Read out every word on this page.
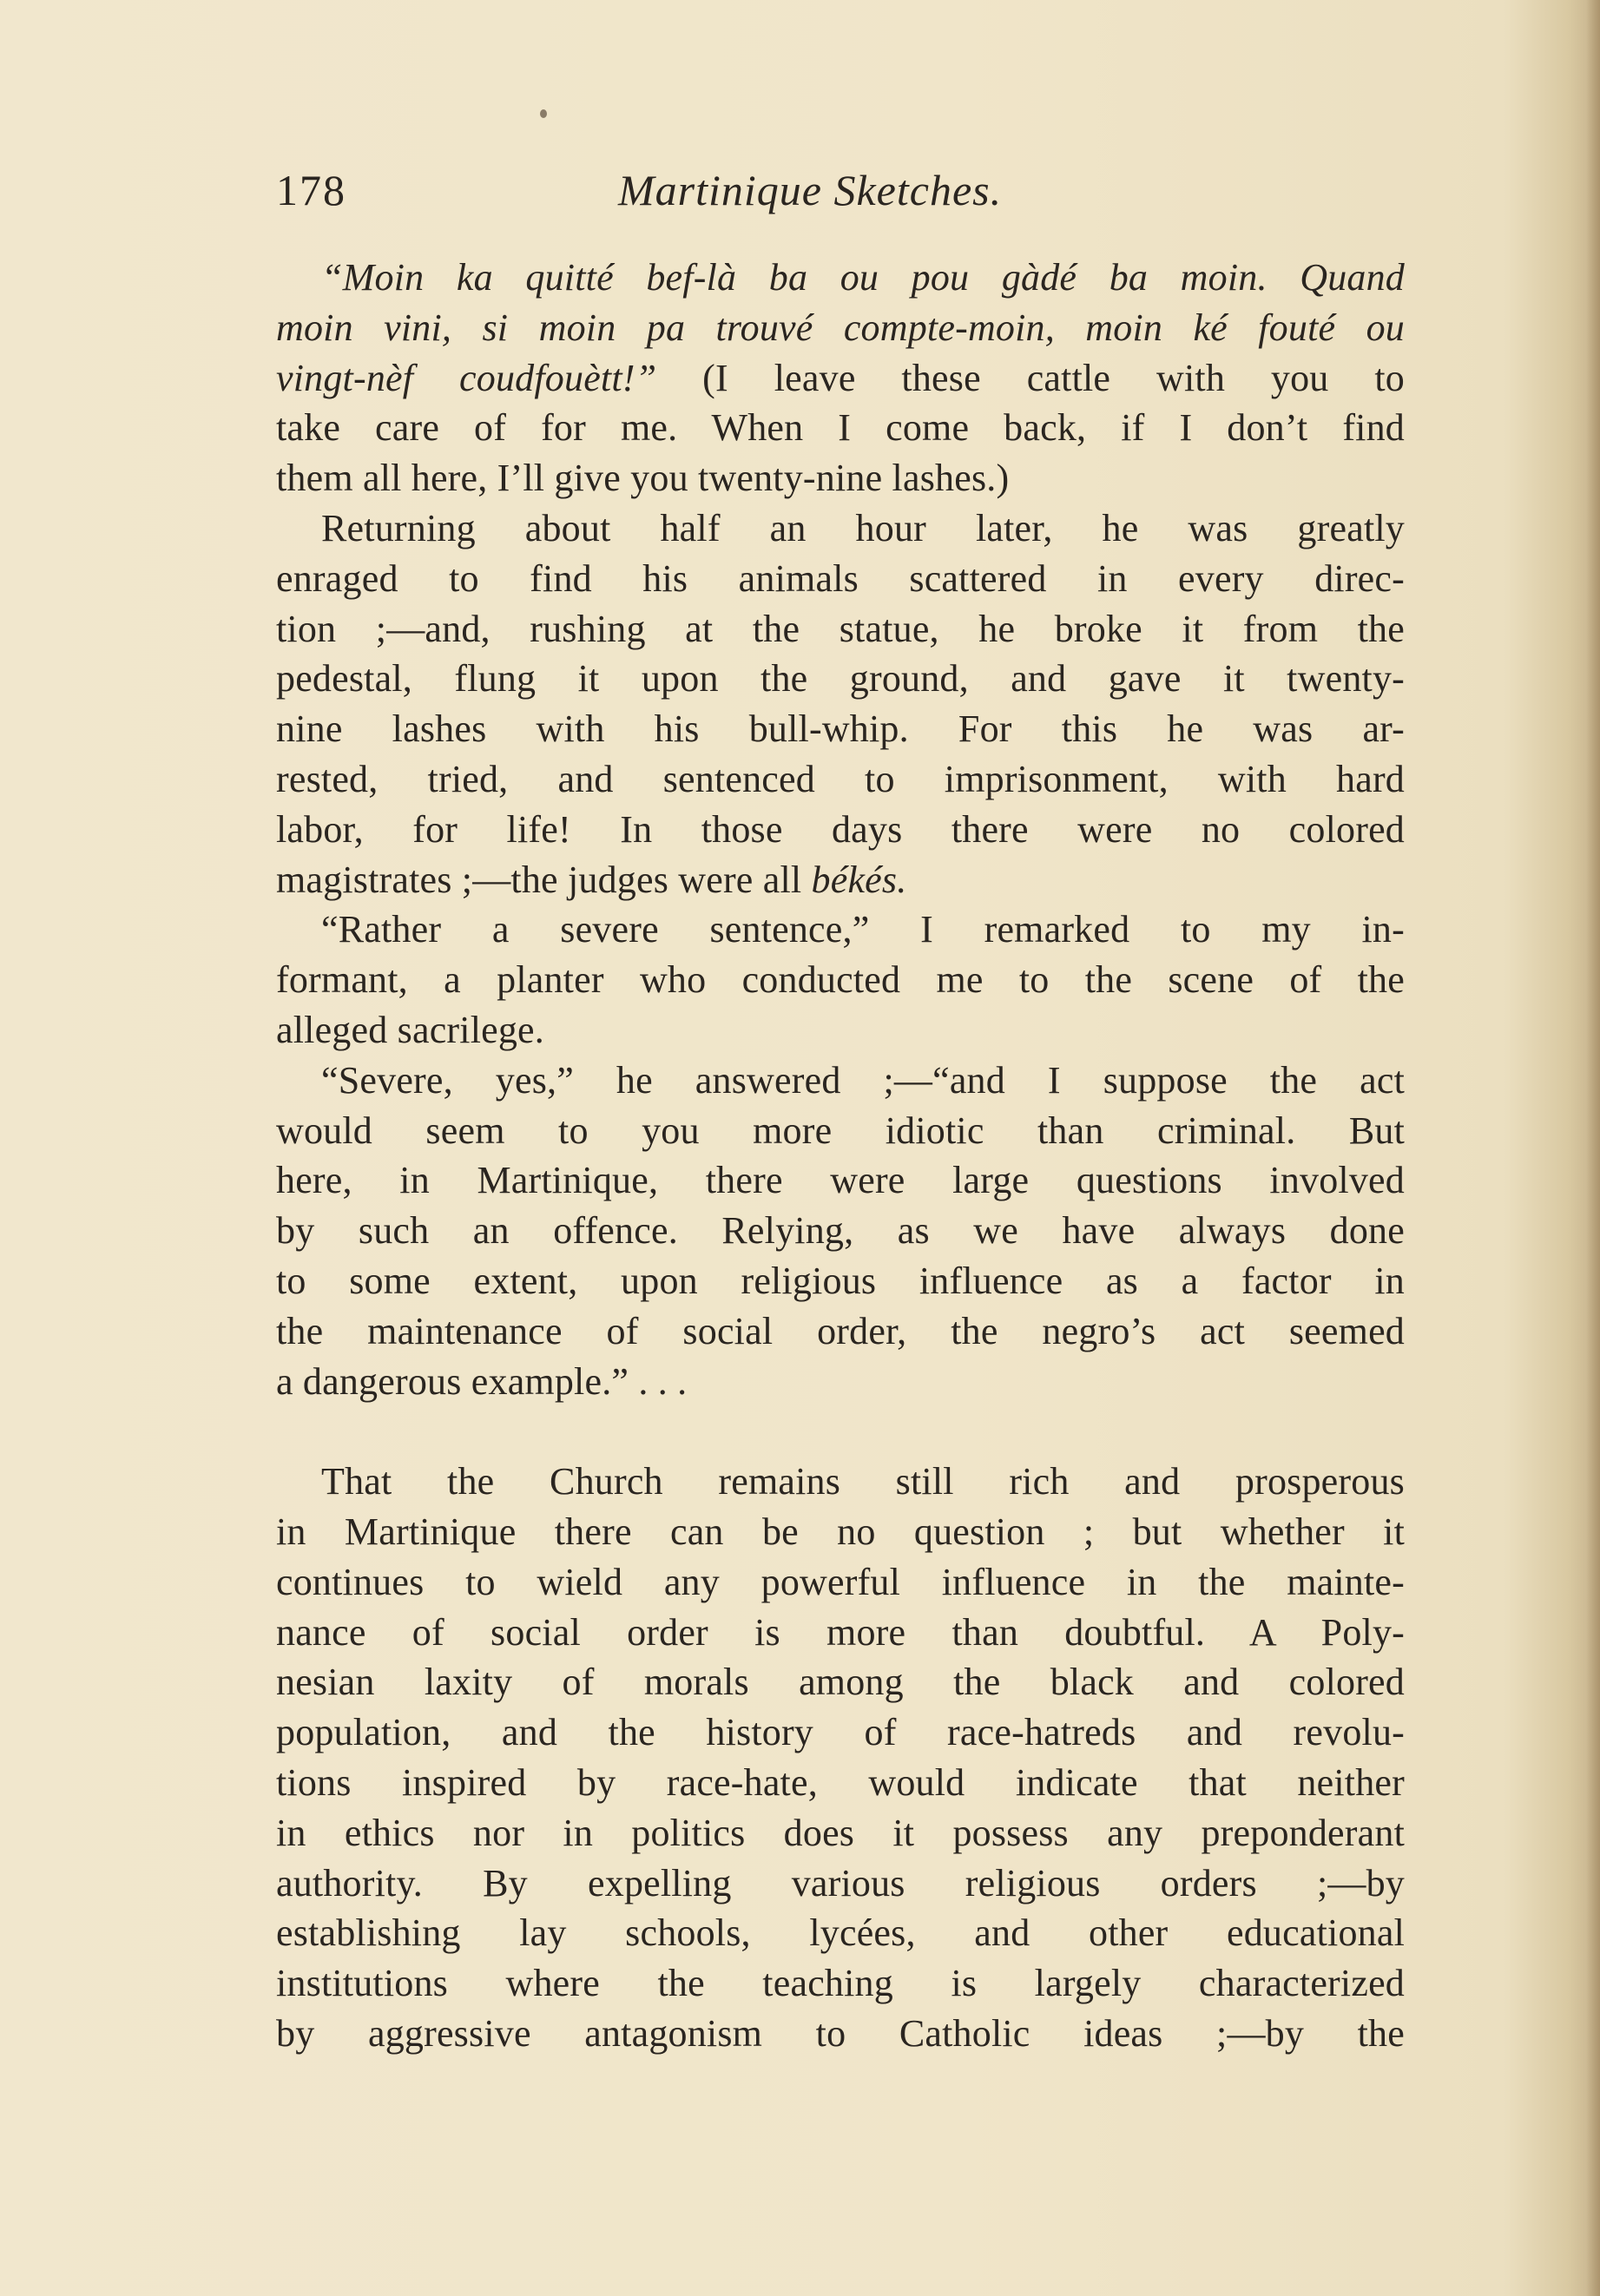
178	Martinique Sketches.
“Moin ka quitté bef-là ba ou pou gàdé ba moin. Quand
moin vini, si moin pa trouvé compte-moin, moin ké fouté ou
vingt-nèf coudfouètt!” (I leave these cattle with you to
take care of for me. When I come back, if I don’t find
them all here, I’ll give you twenty-nine lashes.)
Returning about half an hour later, he was greatly
enraged to find his animals scattered in every direc-
tion ;—and, rushing at the statue, he broke it from the
pedestal, flung it upon the ground, and gave it twenty-
nine lashes with his bull-whip. For this he was ar-
rested, tried, and sentenced to imprisonment, with hard
labor, for life! In those days there were no colored
magistrates ;—the judges were all békés.
“Rather a severe sentence,” I remarked to my in-
formant, a planter who conducted me to the scene of the
alleged sacrilege.
“Severe, yes,” he answered ;—“and I suppose the act
would seem to you more idiotic than criminal. But
here, in Martinique, there were large questions involved
by such an offence. Relying, as we have always done
to some extent, upon religious influence as a factor in
the maintenance of social order, the negro’s act seemed
a dangerous example.” . . .
That the Church remains still rich and prosperous
in Martinique there can be no question ; but whether it
continues to wield any powerful influence in the mainte-
nance of social order is more than doubtful. A Poly-
nesian laxity of morals among the black and colored
population, and the history of race-hatreds and revolu-
tions inspired by race-hate, would indicate that neither
in ethics nor in politics does it possess any preponderant
authority. By expelling various religious orders ;—by
establishing lay schools, lycées, and other educational
institutions where the teaching is largely characterized
by aggressive antagonism to Catholic ideas ;—by the
